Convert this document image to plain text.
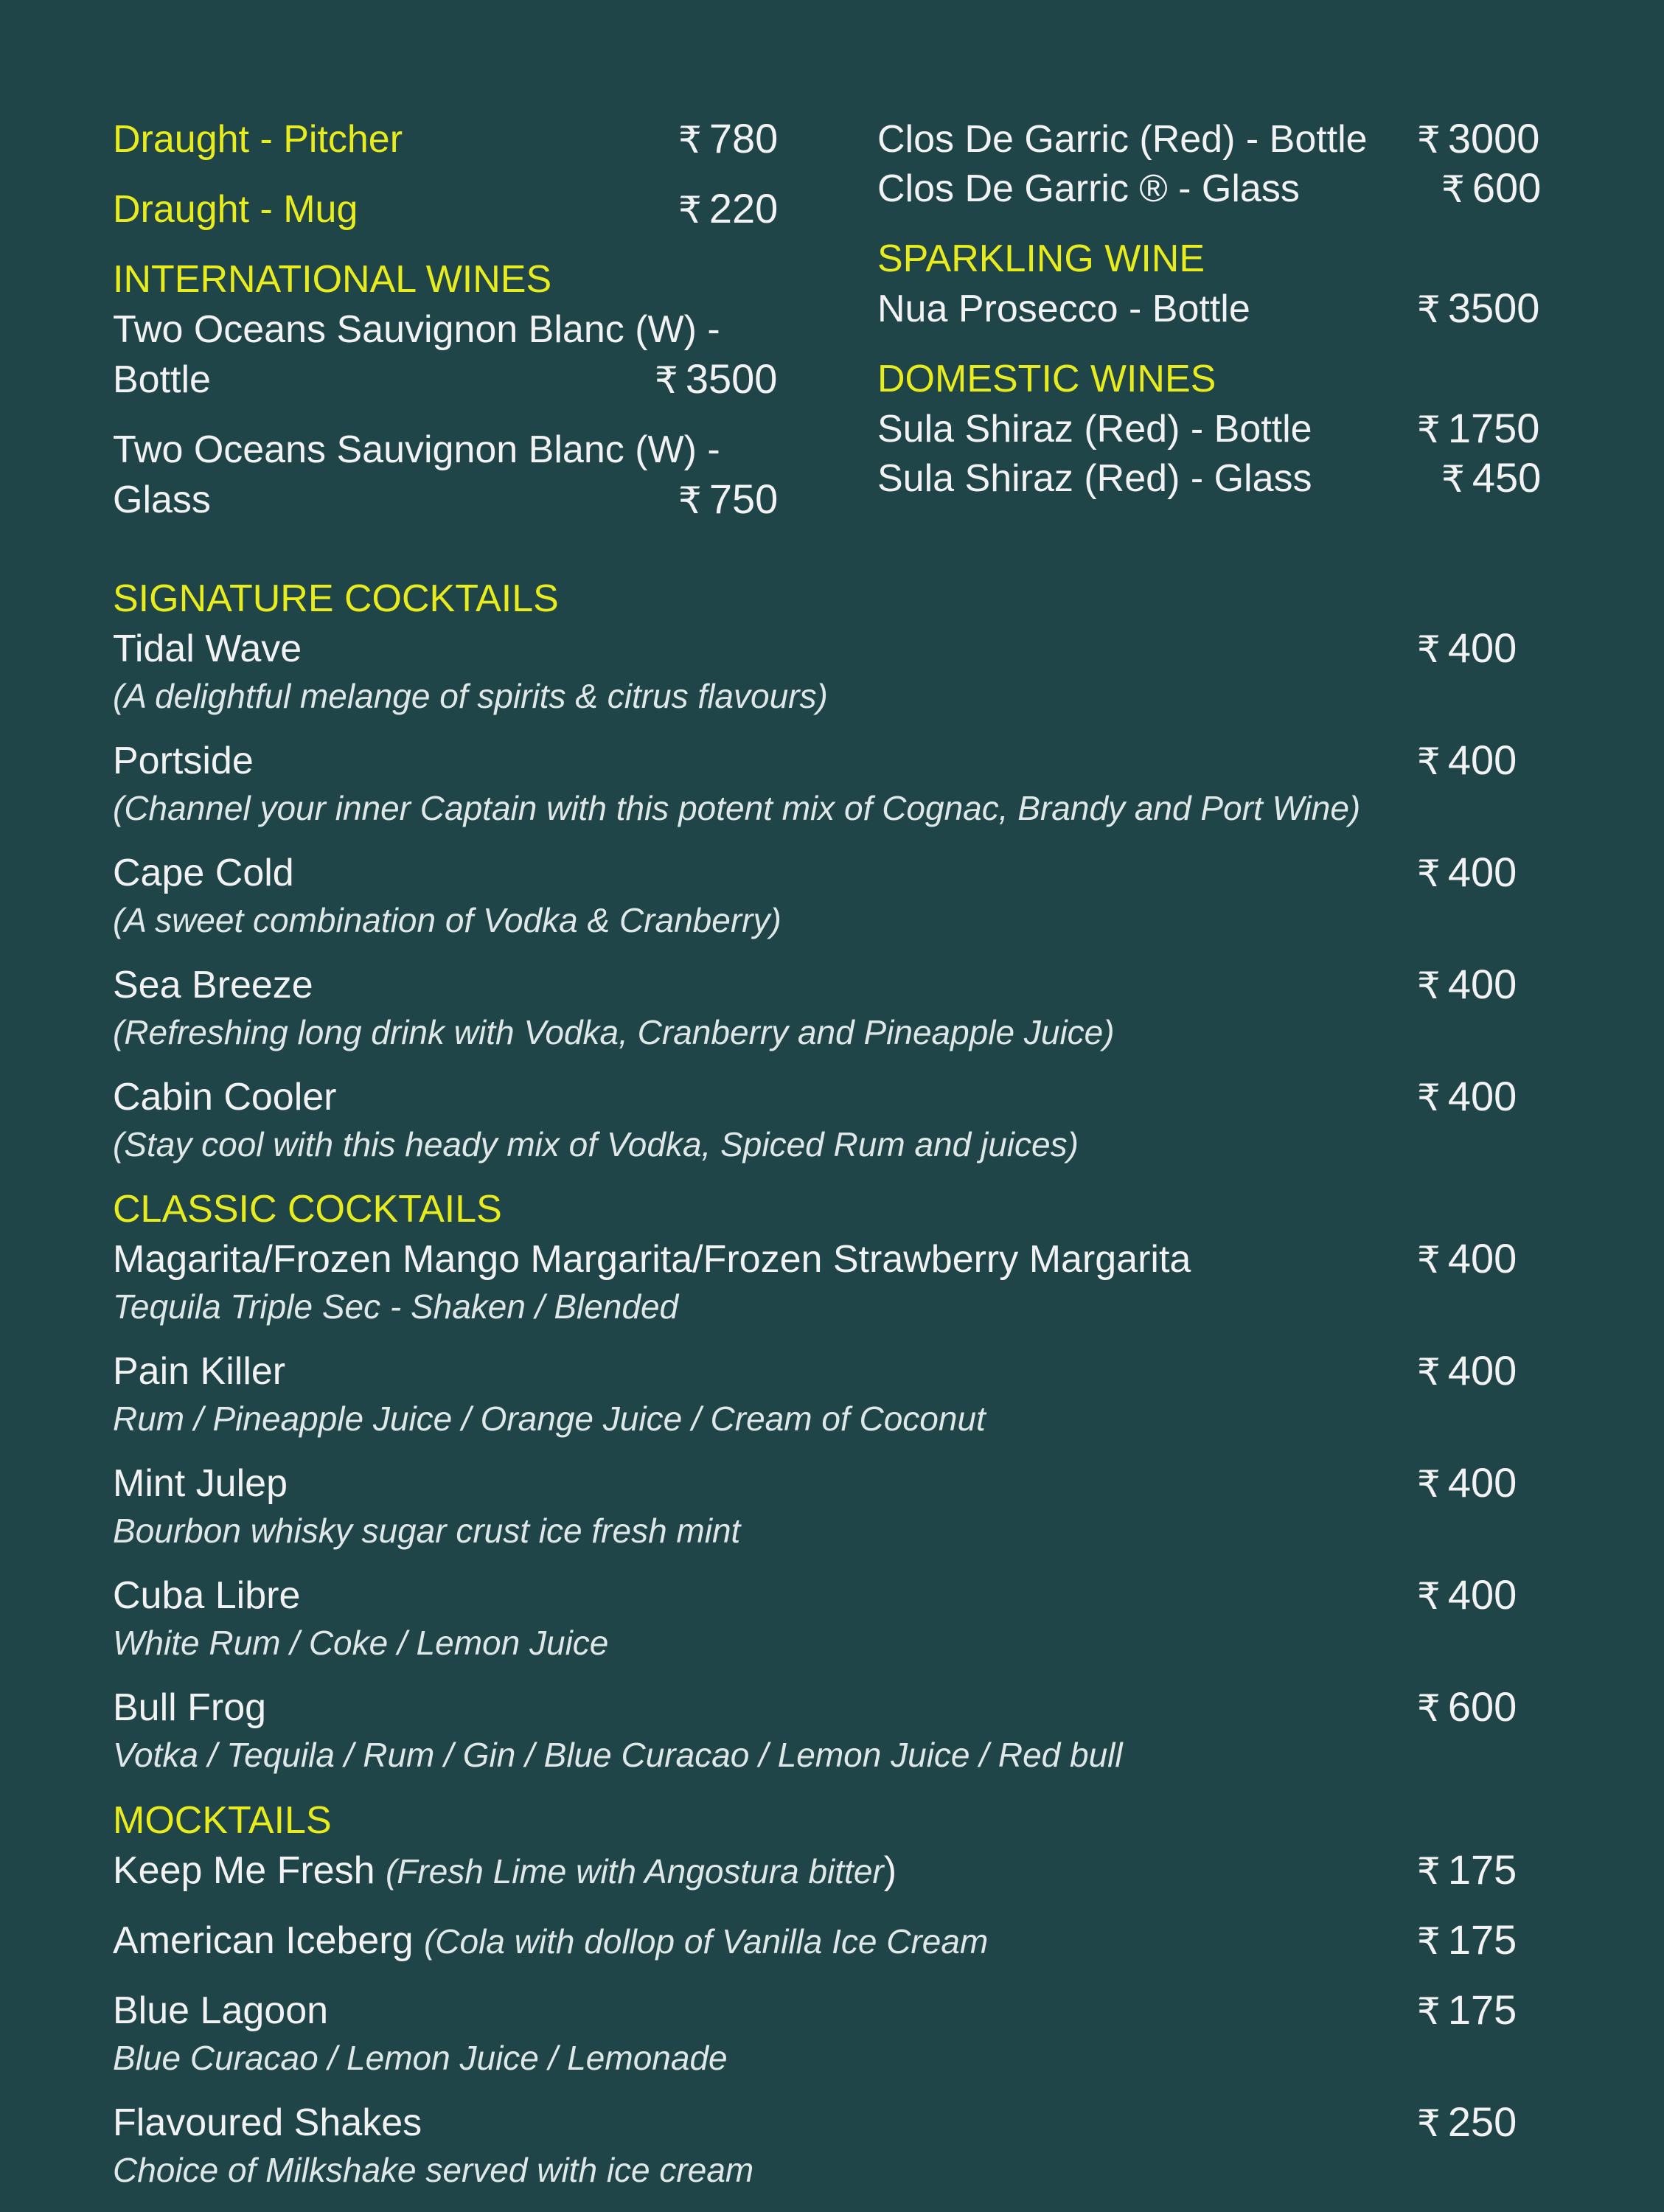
Draught - Pitcher	₹ 780
Draught - Mug	₹ 220
INTERNATIONAL WINES
Two Oceans Sauvignon Blanc (W) -
Bottle	₹ 3500
Two Oceans Sauvignon Blanc (W) -
Glass	₹ 750
Clos De Garric (Red) - Bottle ₹ 3000
Clos De Garric ® - Glass	₹ 600
SPARKLING WINE
Nua Prosecco - Bottle	₹ 3500
DOMESTIC WINES
Sula Shiraz (Red) - Bottle	₹ 1750
Sula Shiraz (Red) - Glass	₹ 450
SIGNATURE COCKTAILS
Tidal Wave
(A delightful melange of spirits & citrus flavours)
₹ 400
Portside
(Channel your inner Captain with this potent mix of Cognac, Brandy and Port Wine)
₹ 400
Cape Cold
(A sweet combination of Vodka & Cranberry)
₹ 400
Sea Breeze
(Refreshing long drink with Vodka, Cranberry and Pineapple Juice)
₹ 400
Cabin Cooler
(Stay cool with this heady mix of Vodka, Spiced Rum and juices)
₹ 400
CLASSIC COCKTAILS
Magarita/Frozen Mango Margarita/Frozen Strawberry Margarita
Tequila Triple Sec - Shaken / Blended
₹ 400
Pain Killer
Rum / Pineapple Juice / Orange Juice / Cream of Coconut
₹ 400
Mint Julep
Bourbon whisky sugar crust ice fresh mint
₹ 400
Cuba Libre
White Rum / Coke / Lemon Juice
₹ 400
Bull Frog
Votka / Tequila / Rum / Gin / Blue Curacao / Lemon Juice / Red bull
₹ 600
MOCKTAILS
Keep Me Fresh (Fresh Lime with Angostura bitter)	₹ 175
American Iceberg (Cola with dollop of Vanilla Ice Cream	₹ 175
Blue Lagoon
Blue Curacao / Lemon Juice / Lemonade
₹ 175
Flavoured Shakes
Choice of Milkshake served with ice cream
₹ 250
